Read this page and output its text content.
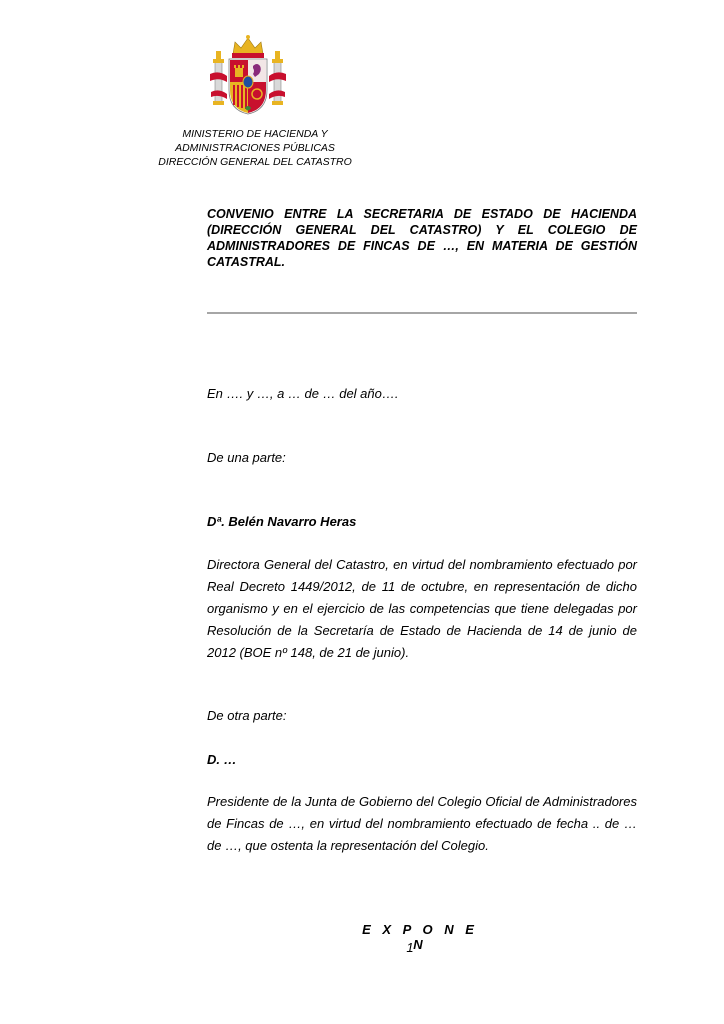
MINISTERIO DE HACIENDA Y
ADMINISTRACIONES PÚBLICAS
DIRECCIÓN GENERAL DEL CATASTRO
CONVENIO ENTRE LA SECRETARIA DE ESTADO DE HACIENDA (DIRECCIÓN GENERAL DEL CATASTRO) Y EL COLEGIO DE ADMINISTRADORES DE FINCAS DE …, EN MATERIA DE GESTIÓN CATASTRAL.
En …. y …, a … de … del año….
De una parte:
Dª. Belén Navarro Heras
Directora General del Catastro, en virtud del nombramiento efectuado por Real Decreto 1449/2012, de 11 de octubre, en representación de dicho organismo y en el ejercicio de las competencias que tiene delegadas por Resolución de la Secretaría de Estado de Hacienda de 14 de junio de 2012 (BOE nº 148, de 21 de junio).
De otra parte:
D. …
Presidente de la Junta de Gobierno del Colegio Oficial de Administradores de Fincas de …, en virtud del nombramiento efectuado de fecha .. de … de …, que ostenta la representación del Colegio.
E X P O N E N
1
